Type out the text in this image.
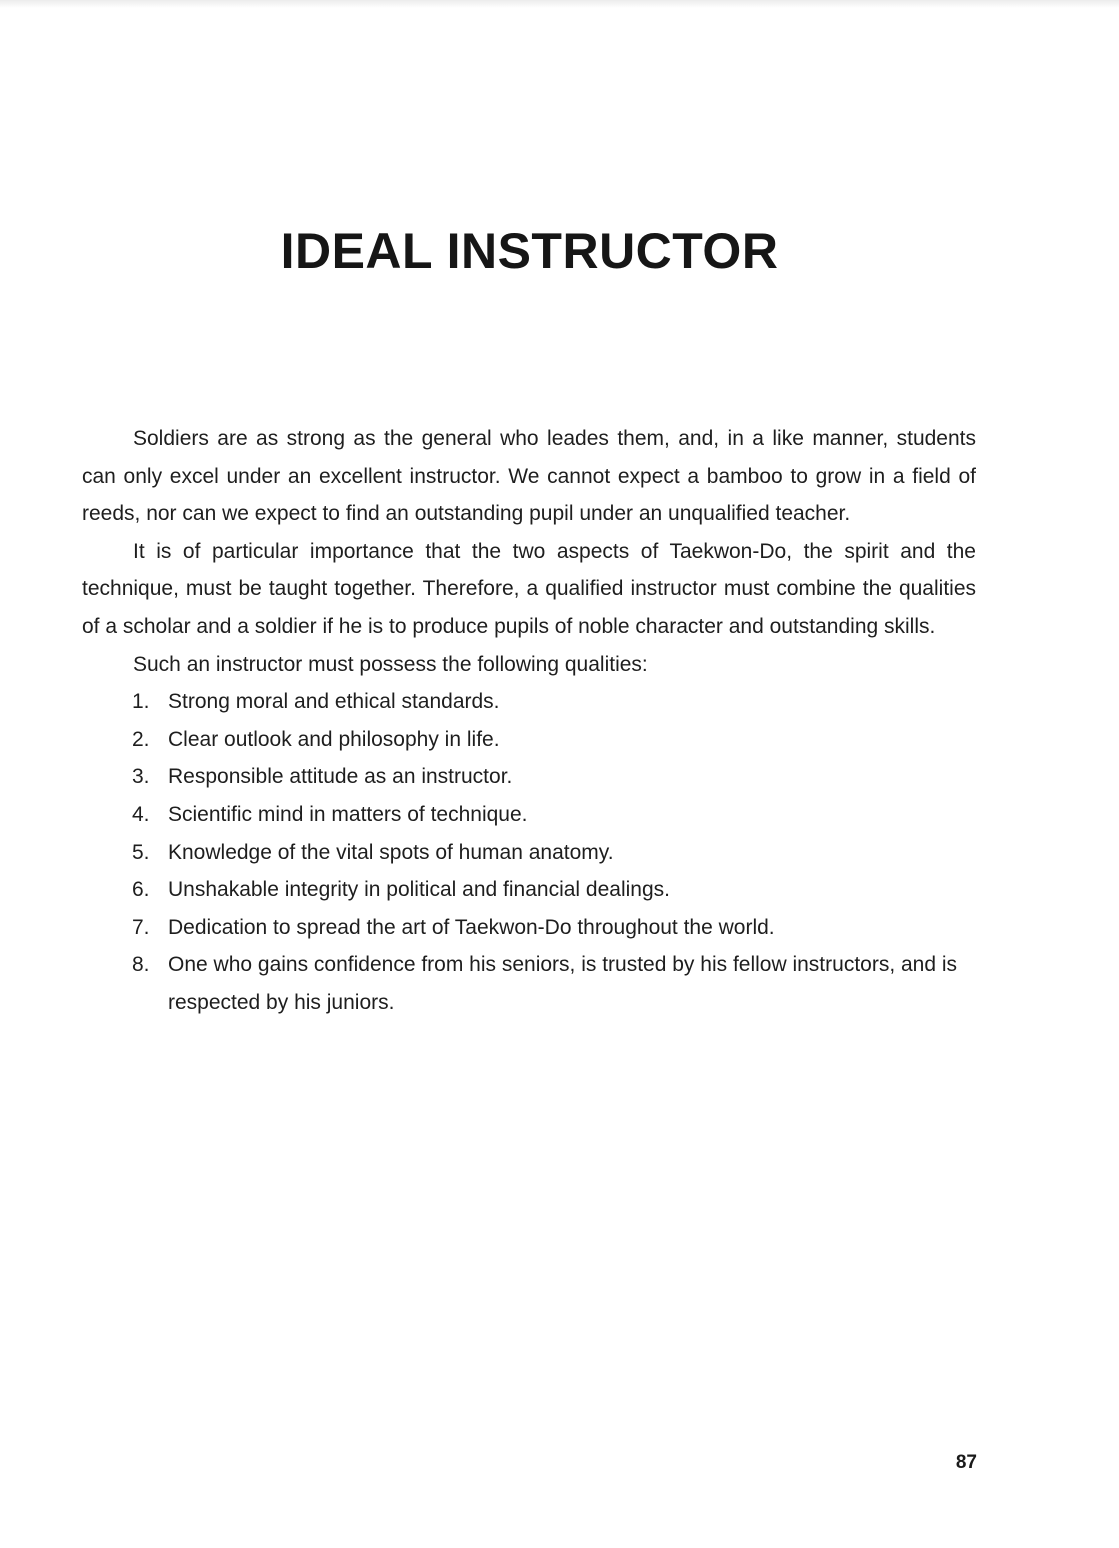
IDEAL INSTRUCTOR

Soldiers are as strong as the general who leades them, and, in a like manner, students can only excel under an excellent instructor. We cannot expect a bamboo to grow in a field of reeds, nor can we expect to find an outstanding pupil under an unqualified teacher.

It is of particular importance that the two aspects of Taekwon-Do, the spirit and the technique, must be taught together. Therefore, a qualified instructor must combine the qualities of a scholar and a soldier if he is to produce pupils of noble character and outstanding skills.

Such an instructor must possess the following qualities:

1. Strong moral and ethical standards.
2. Clear outlook and philosophy in life.
3. Responsible attitude as an instructor.
4. Scientific mind in matters of technique.
5. Knowledge of the vital spots of human anatomy.
6. Unshakable integrity in political and financial dealings.
7. Dedication to spread the art of Taekwon-Do throughout the world.
8. One who gains confidence from his seniors, is trusted by his fellow instructors, and is respected by his juniors.
87
